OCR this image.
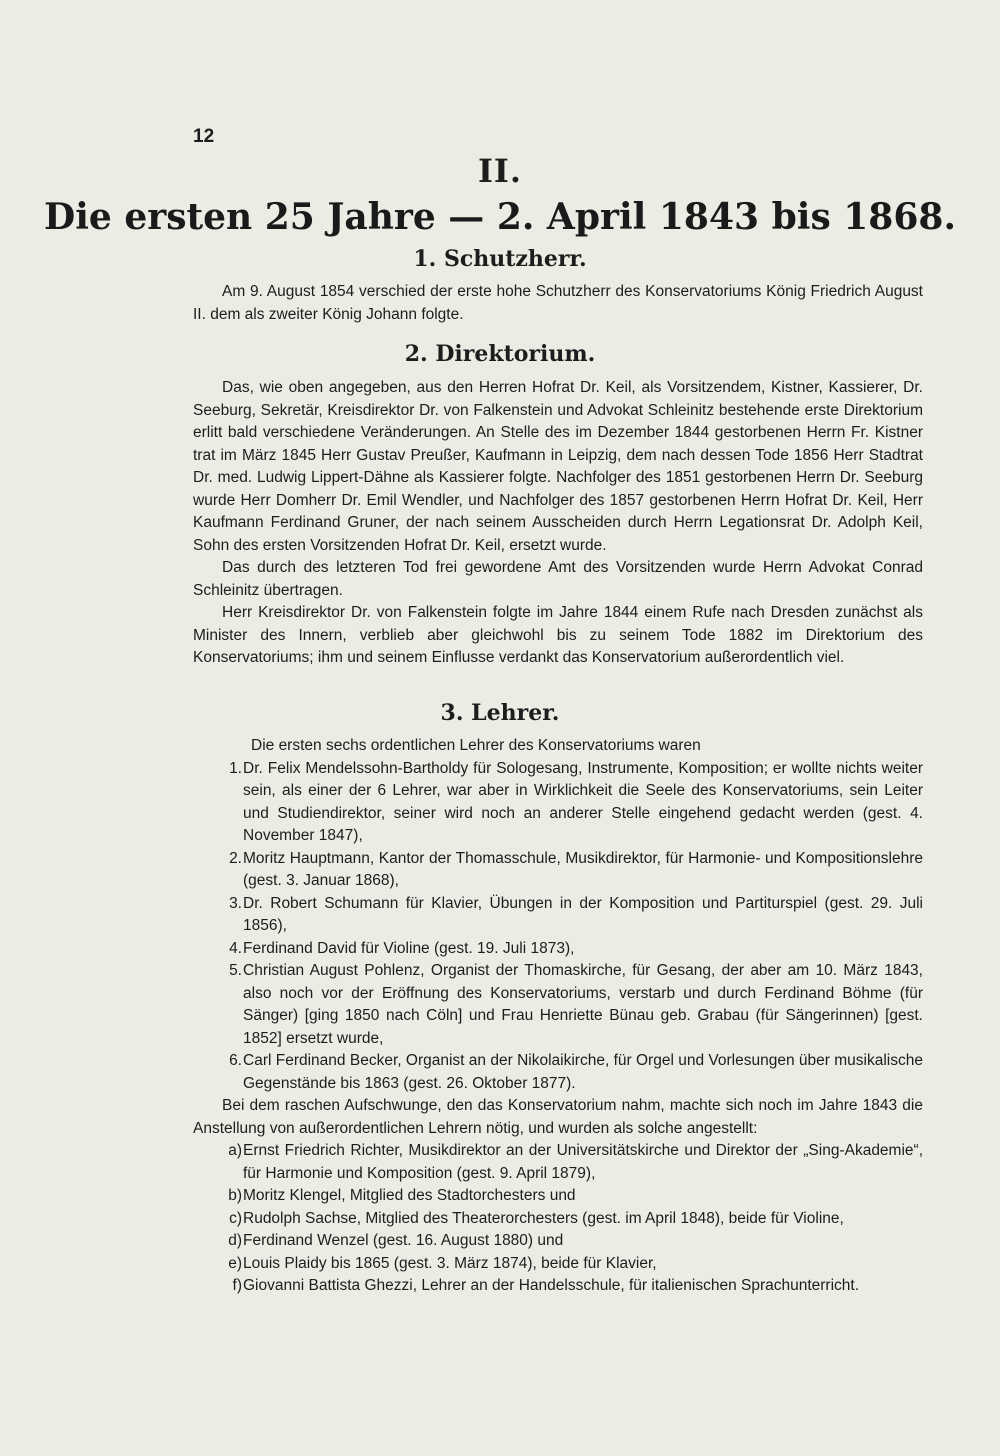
12
II.
Die ersten 25 Jahre — 2. April 1843 bis 1868.
1. Schutzherr.

Am 9. August 1854 verschied der erste hohe Schutzherr des Konservatoriums König Friedrich August II. dem als zweiter König Johann folgte.

2. Direktorium.

Das, wie oben angegeben, aus den Herren Hofrat Dr. Keil, als Vorsitzendem, Kistner, Kassierer, Dr. Seeburg, Sekretär, Kreisdirektor Dr. von Falkenstein und Advokat Schleinitz bestehende erste Direktorium erlitt bald verschiedene Veränderungen. An Stelle des im Dezember 1844 gestorbenen Herrn Fr. Kistner trat im März 1845 Herr Gustav Preußer, Kaufmann in Leipzig, dem nach dessen Tode 1856 Herr Stadtrat Dr. med. Ludwig Lippert-Dähne als Kassierer folgte. Nachfolger des 1851 gestorbenen Herrn Dr. Seeburg wurde Herr Domherr Dr. Emil Wendler, und Nachfolger des 1857 gestorbenen Herrn Hofrat Dr. Keil, Herr Kaufmann Ferdinand Gruner, der nach seinem Ausscheiden durch Herrn Legationsrat Dr. Adolph Keil, Sohn des ersten Vorsitzenden Hofrat Dr. Keil, ersetzt wurde.

Das durch des letzteren Tod frei gewordene Amt des Vorsitzenden wurde Herrn Advokat Conrad Schleinitz übertragen.

Herr Kreisdirektor Dr. von Falkenstein folgte im Jahre 1844 einem Rufe nach Dresden zunächst als Minister des Innern, verblieb aber gleichwohl bis zu seinem Tode 1882 im Direktorium des Konservatoriums; ihm und seinem Einflusse verdankt das Konservatorium außerordentlich viel.

3. Lehrer.

Die ersten sechs ordentlichen Lehrer des Konservatoriums waren

1. Dr. Felix Mendelssohn-Bartholdy für Sologesang, Instrumente, Komposition; er wollte nichts weiter sein, als einer der 6 Lehrer, war aber in Wirklichkeit die Seele des Konservatoriums, sein Leiter und Studiendirektor, seiner wird noch an anderer Stelle eingehend gedacht werden (gest. 4. November 1847),
2. Moritz Hauptmann, Kantor der Thomasschule, Musikdirektor, für Harmonie- und Kompositionslehre (gest. 3. Januar 1868),
3. Dr. Robert Schumann für Klavier, Übungen in der Komposition und Partiturspiel (gest. 29. Juli 1856),
4. Ferdinand David für Violine (gest. 19. Juli 1873),
5. Christian August Pohlenz, Organist der Thomaskirche, für Gesang, der aber am 10. März 1843, also noch vor der Eröffnung des Konservatoriums, verstarb und durch Ferdinand Böhme (für Sänger) [ging 1850 nach Cöln] und Frau Henriette Bünau geb. Grabau (für Sängerinnen) [gest. 1852] ersetzt wurde,
6. Carl Ferdinand Becker, Organist an der Nikolaikirche, für Orgel und Vorlesungen über musikalische Gegenstände bis 1863 (gest. 26. Oktober 1877).

Bei dem raschen Aufschwunge, den das Konservatorium nahm, machte sich noch im Jahre 1843 die Anstellung von außerordentlichen Lehrern nötig, und wurden als solche angestellt:

a) Ernst Friedrich Richter, Musikdirektor an der Universitätskirche und Direktor der „Sing-Akademie“, für Harmonie und Komposition (gest. 9. April 1879),
b) Moritz Klengel, Mitglied des Stadtorchesters und
c) Rudolph Sachse, Mitglied des Theaterorchesters (gest. im April 1848), beide für Violine,
d) Ferdinand Wenzel (gest. 16. August 1880) und
e) Louis Plaidy bis 1865 (gest. 3. März 1874), beide für Klavier,
f) Giovanni Battista Ghezzi, Lehrer an der Handelsschule, für italienischen Sprachunterricht.
